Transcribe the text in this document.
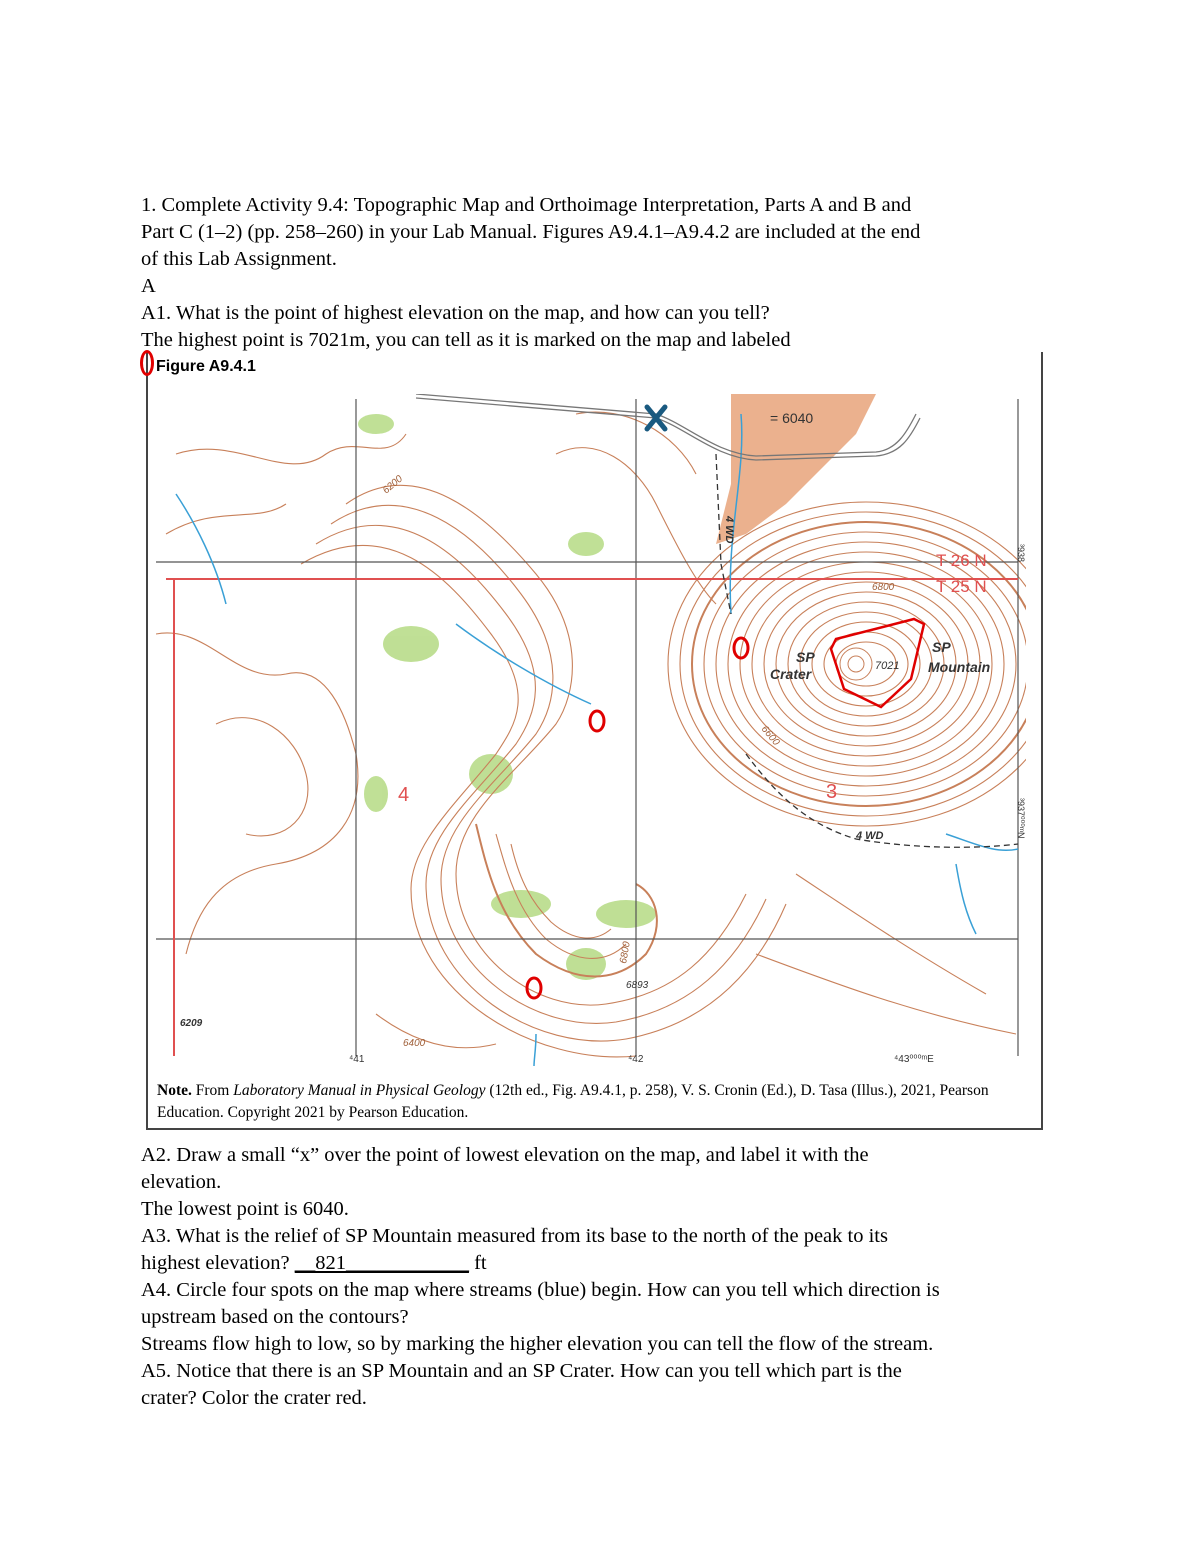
1. Complete Activity 9.4: Topographic Map and Orthoimage Interpretation, Parts A and B and

Part C (1–2) (pp. 258–260) in your Lab Manual. Figures A9.4.1–A9.4.2 are included at the end

of this Lab Assignment.

A

A1. What is the point of highest elevation on the map, and how can you tell?

The highest point is 7021m, you can tell as it is marked on the map and labeled

Figure A9.4.1
= 6040
6200
6800
6600
6800
6400
T 26 N
T 25 N
SP
Crater	7021
SP
Mountain
4 WD
4 WD
3
4
6893
6209
⁴41	⁴42	⁴43⁰⁰⁰ᵐE
³938
³937⁰⁰⁰ᵐN
Note. From Laboratory Manual in Physical Geology (12th ed., Fig. A9.4.1, p. 258), V. S. Cronin (Ed.), D. Tasa (Illus.), 2021, Pearson Education. Copyright 2021 by Pearson Education.

A2. Draw a small “x” over the point of lowest elevation on the map, and label it with the

elevation.

The lowest point is 6040.

A3. What is the relief of SP Mountain measured from its base to the north of the peak to its

highest elevation? __821____________ ft

A4. Circle four spots on the map where streams (blue) begin. How can you tell which direction is

upstream based on the contours?

Streams flow high to low, so by marking the higher elevation you can tell the flow of the stream.

A5. Notice that there is an SP Mountain and an SP Crater. How can you tell which part is the

crater? Color the crater red.
